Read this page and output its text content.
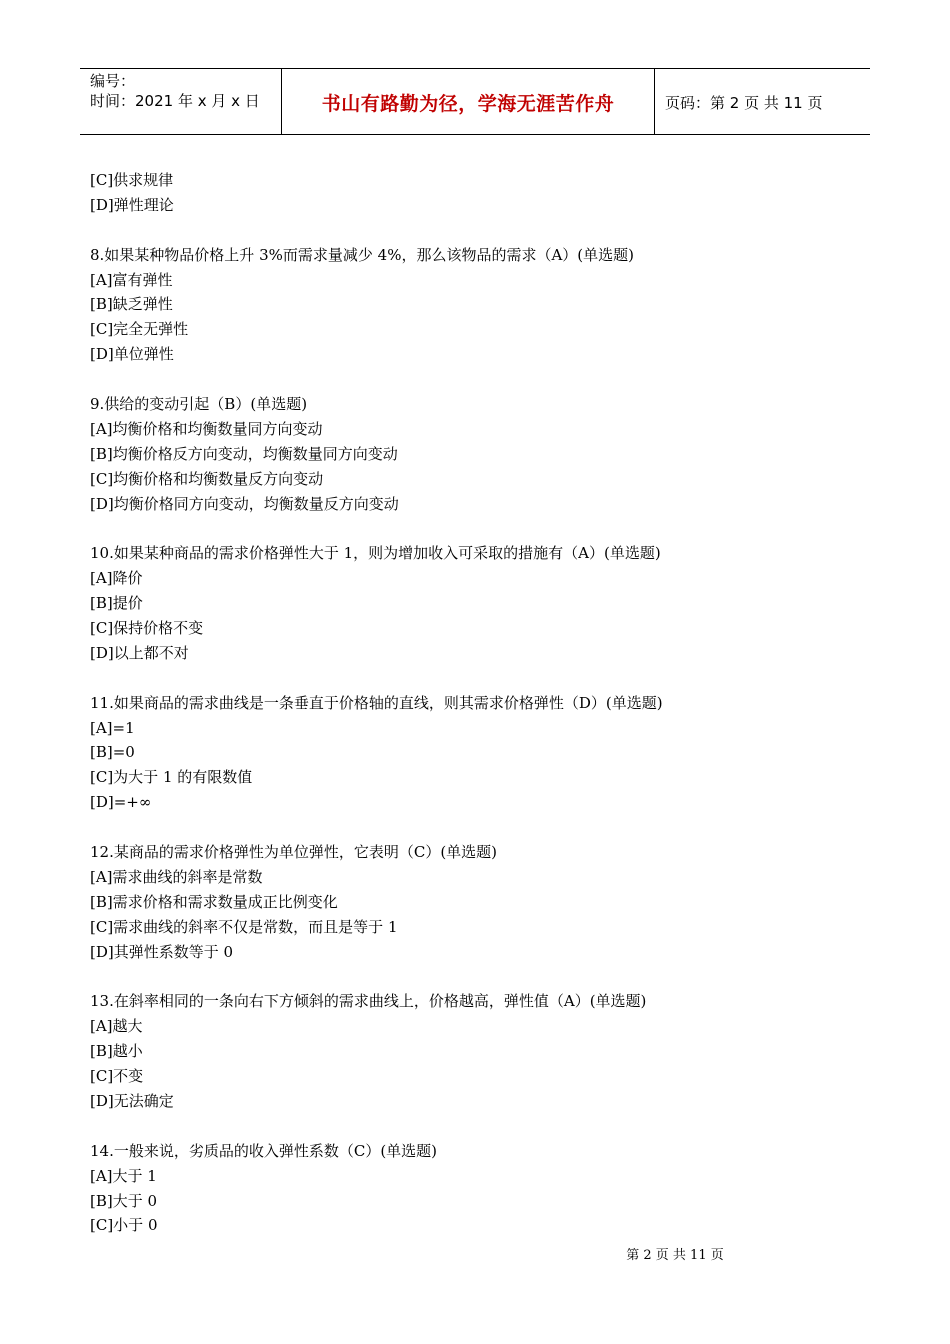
编号：
时间：2021 年 x 月 x 日	书山有路勤为径，学海无涯苦作舟	页码：第 2 页 共 11 页
[C]供求规律
[D]弹性理论
8.如果某种物品价格上升 3%而需求量减少 4%，那么该物品的需求（A）(单选题)
[A]富有弹性
[B]缺乏弹性
[C]完全无弹性
[D]单位弹性
9.供给的变动引起（B）(单选题)
[A]均衡价格和均衡数量同方向变动
[B]均衡价格反方向变动，均衡数量同方向变动
[C]均衡价格和均衡数量反方向变动
[D]均衡价格同方向变动，均衡数量反方向变动
10.如果某种商品的需求价格弹性大于 1，则为增加收入可采取的措施有（A）(单选题)
[A]降价
[B]提价
[C]保持价格不变
[D]以上都不对
11.如果商品的需求曲线是一条垂直于价格轴的直线，则其需求价格弹性（D）(单选题)
[A]=1
[B]=0
[C]为大于 1 的有限数值
[D]=+∞
12.某商品的需求价格弹性为单位弹性，它表明（C）(单选题)
[A]需求曲线的斜率是常数
[B]需求价格和需求数量成正比例变化
[C]需求曲线的斜率不仅是常数，而且是等于 1
[D]其弹性系数等于 0
13.在斜率相同的一条向右下方倾斜的需求曲线上，价格越高，弹性值（A）(单选题)
[A]越大
[B]越小
[C]不变
[D]无法确定
14.一般来说，劣质品的收入弹性系数（C）(单选题)
[A]大于 1
[B]大于 0
[C]小于 0
第 2 页 共 11 页
